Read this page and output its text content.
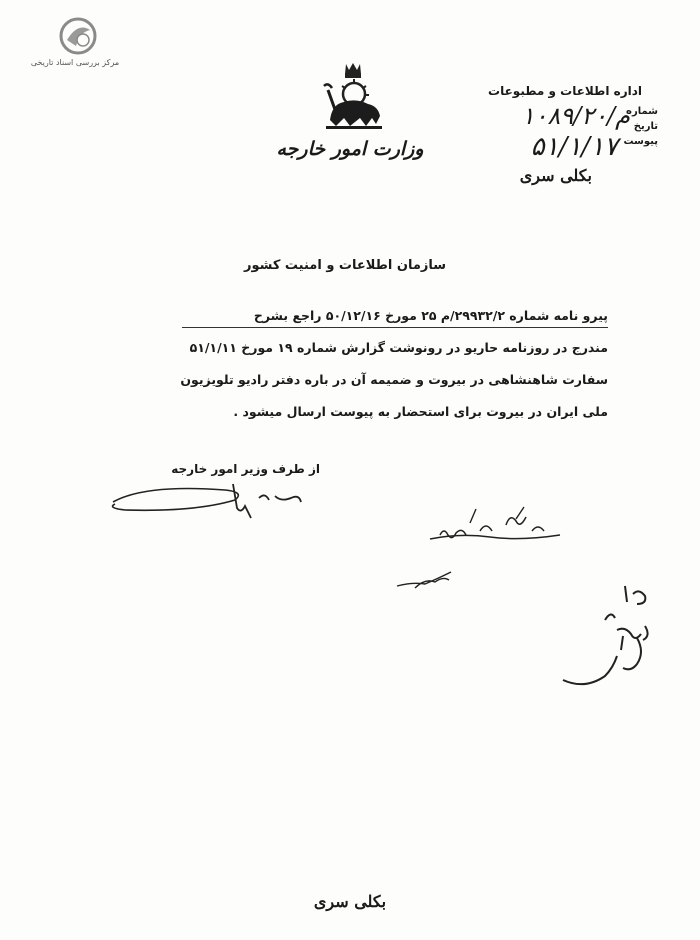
مرکز بررسی اسناد تاریخی
وزارت امور خارجه
اداره اطلاعات و مطبوعات
شماره
تاریخ
پیوست
۱۰۸۹/۲۰/م
۵۱/۱/۱۷
بکلی سری
سازمان اطلاعات و امنیت کشور
پیرو نامه شماره ۲۹۹۳۲/۲/م ۲۵ مورخ ۵۰/۱۲/۱۶ راجع بشرح
مندرج در روزنامه حاریو در رونوشت گزارش شماره ۱۹ مورخ ۵۱/۱/۱۱
سفارت شاهنشاهی در بیروت و ضمیمه آن در باره دفتر رادیو تلویزیون
ملی ایران در بیروت برای استحضار به پیوست ارسال میشود .
از طرف وزیر امور خارجه
بکلی سری
